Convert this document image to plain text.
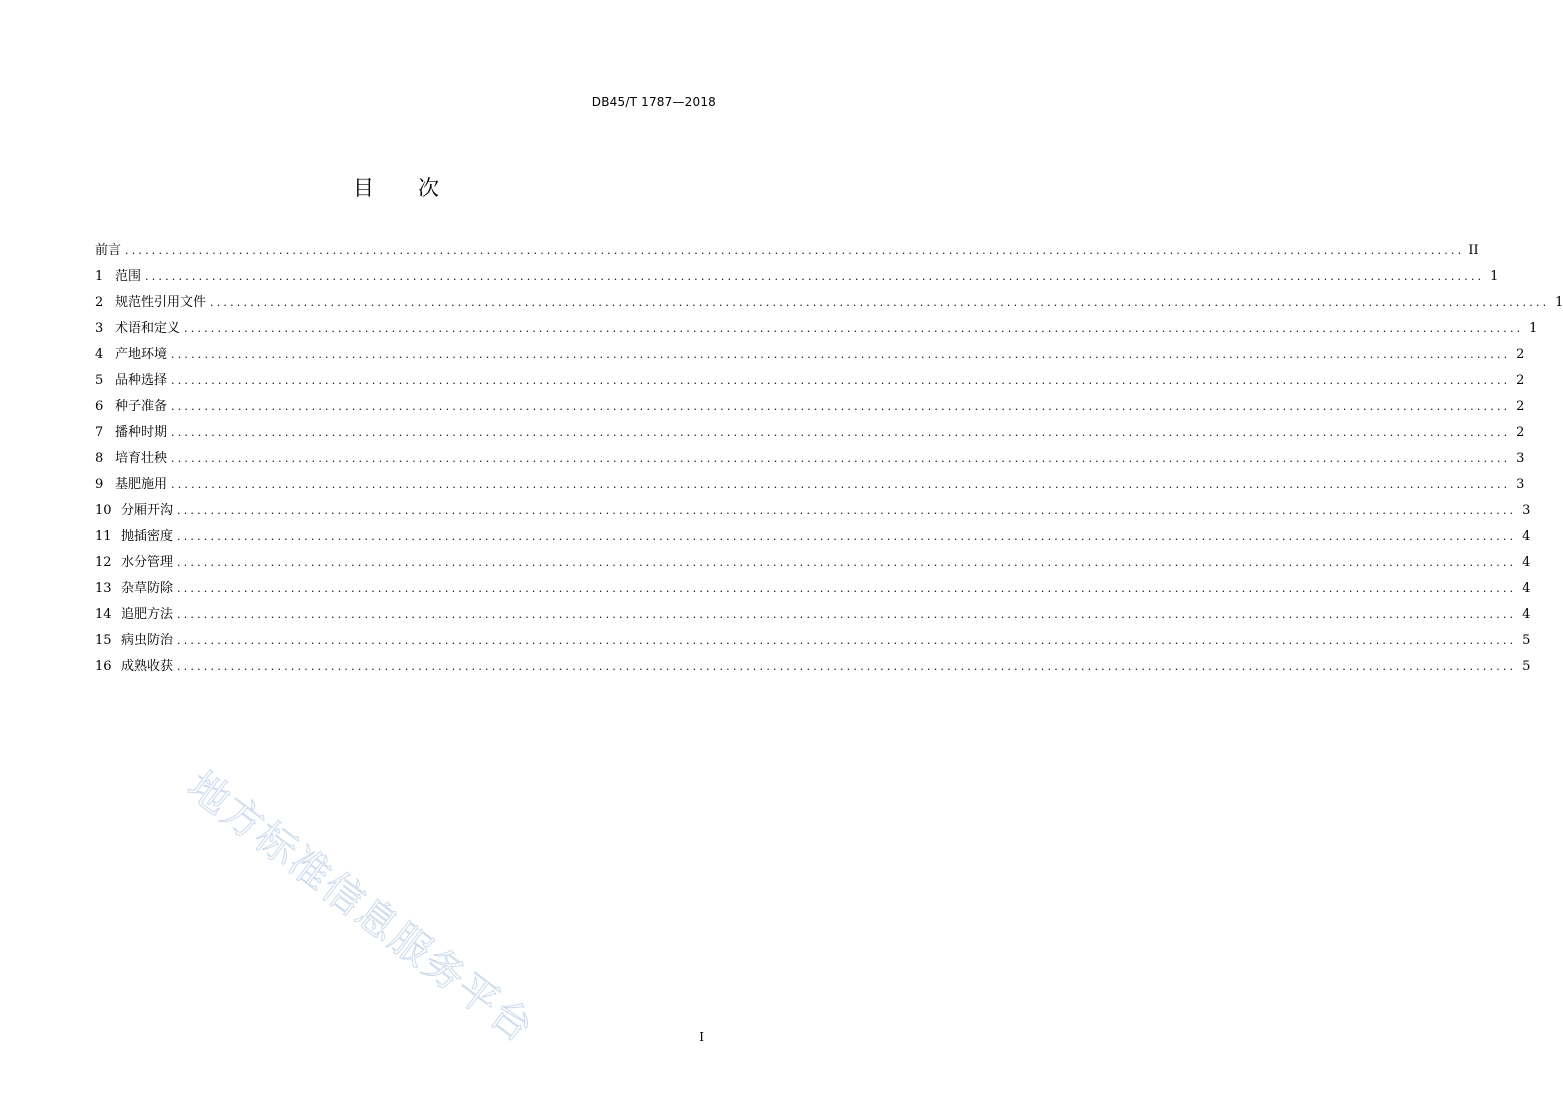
DB45/T 1787—2018
目次
前言 ........................................................................................................................................................................................................ II
1 范围 ........................................................................................................................................................................................................ 1
2 规范性引用文件 ........................................................................................................................................................................................................ 1
3 术语和定义 ........................................................................................................................................................................................................ 1
4 产地环境 ........................................................................................................................................................................................................ 2
5 品种选择 ........................................................................................................................................................................................................ 2
6 种子准备 ........................................................................................................................................................................................................ 2
7 播种时期 ........................................................................................................................................................................................................ 2
8 培育壮秧 ........................................................................................................................................................................................................ 3
9 基肥施用 ........................................................................................................................................................................................................ 3
10 分厢开沟 ........................................................................................................................................................................................................ 3
11 抛插密度 ........................................................................................................................................................................................................ 4
12 水分管理 ........................................................................................................................................................................................................ 4
13 杂草防除 ........................................................................................................................................................................................................ 4
14 追肥方法 ........................................................................................................................................................................................................ 4
15 病虫防治 ........................................................................................................................................................................................................ 5
16 成熟收获 ........................................................................................................................................................................................................ 5
地方标准信息服务平台	I
